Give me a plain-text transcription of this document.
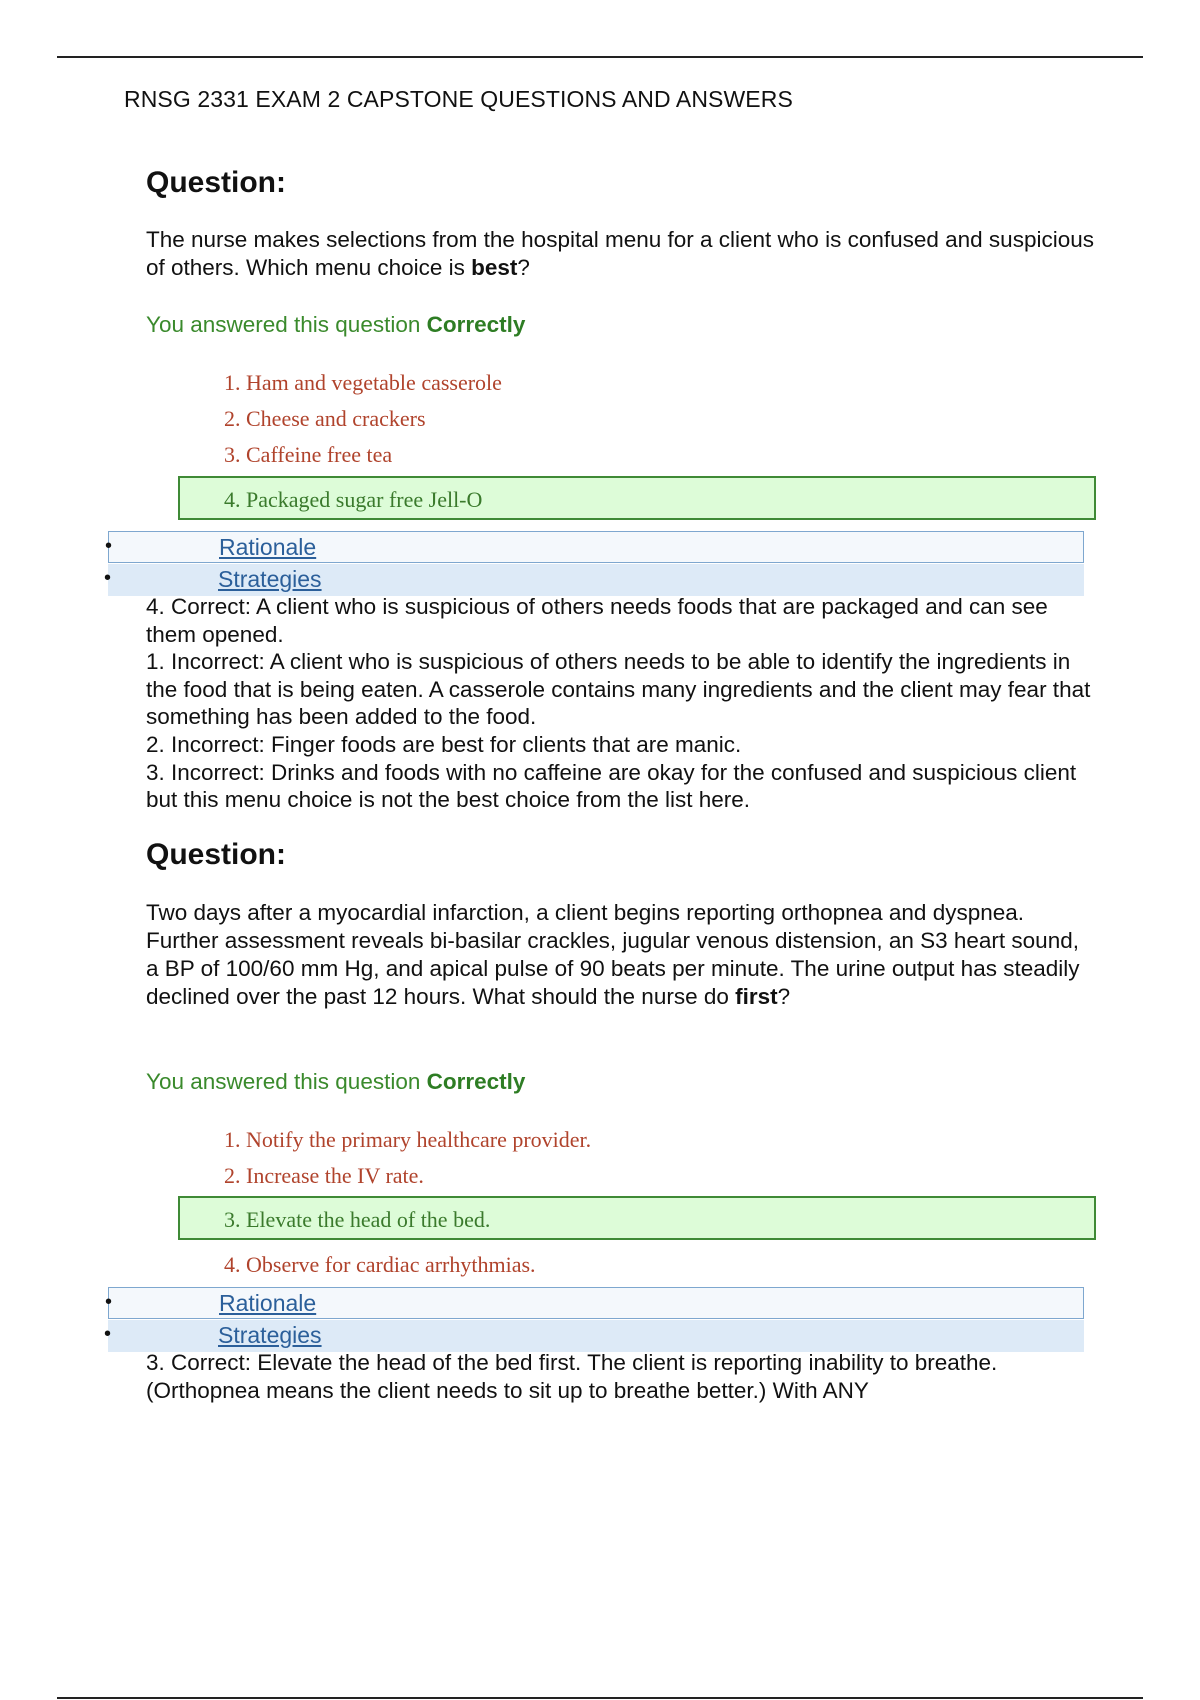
RNSG 2331 EXAM 2 CAPSTONE QUESTIONS AND ANSWERS
Question:
The nurse makes selections from the hospital menu for a client who is confused and suspicious of others. Which menu choice is best?
You answered this question Correctly
1. Ham and vegetable casserole
2. Cheese and crackers
3. Caffeine free tea
4. Packaged sugar free Jell-O
•	Rationale
•	Strategies

4. Correct: A client who is suspicious of others needs foods that are packaged and can see them opened.

1. Incorrect: A client who is suspicious of others needs to be able to identify the ingredients in the food that is being eaten. A casserole contains many ingredients and the client may fear that something has been added to the food.

2. Incorrect: Finger foods are best for clients that are manic.

3. Incorrect: Drinks and foods with no caffeine are okay for the confused and suspicious client but this menu choice is not the best choice from the list here.

Question:
Two days after a myocardial infarction, a client begins reporting orthopnea and dyspnea. Further assessment reveals bi-basilar crackles, jugular venous distension, an S3 heart sound, a BP of 100/60 mm Hg, and apical pulse of 90 beats per minute. The urine output has steadily declined over the past 12 hours. What should the nurse do first?
You answered this question Correctly
1. Notify the primary healthcare provider.
2. Increase the IV rate.
3. Elevate the head of the bed.
4. Observe for cardiac arrhythmias.
•	Rationale
•	Strategies

3. Correct: Elevate the head of the bed first. The client is reporting inability to breathe. (Orthopnea means the client needs to sit up to breathe better.) With ANY
